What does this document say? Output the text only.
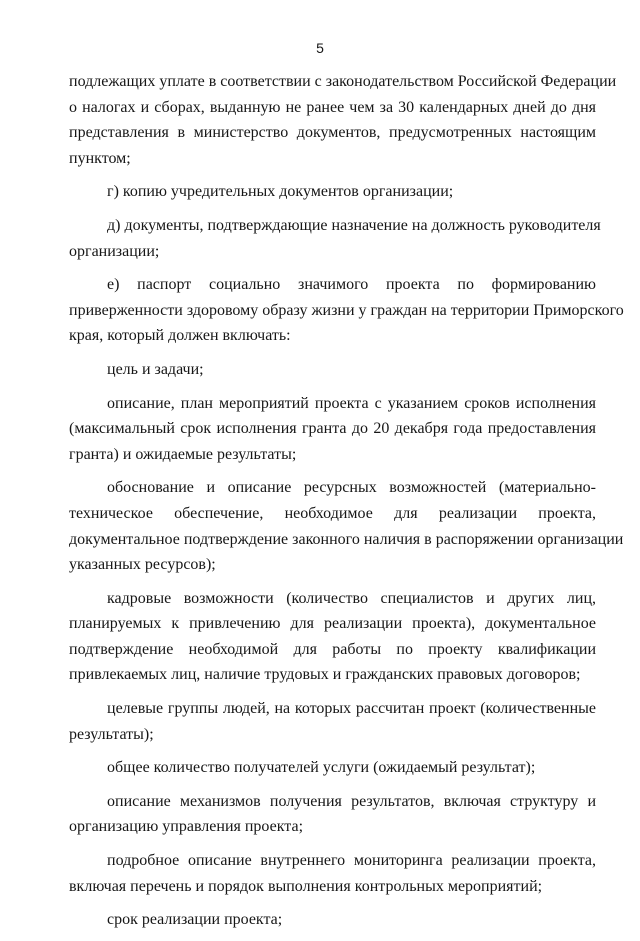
5
подлежащих уплате в соответствии с законодательством Российской Федерации
о налогах и сборах, выданную не ранее чем за 30 календарных дней до дня
представления в министерство документов, предусмотренных настоящим
пунктом;
г) копию учредительных документов организации;
д) документы, подтверждающие назначение на должность руководителя
организации;
е) паспорт социально значимого проекта по формированию
приверженности здоровому образу жизни у граждан на территории Приморского
края, который должен включать:
цель и задачи;
описание, план мероприятий проекта с указанием сроков исполнения
(максимальный срок исполнения гранта до 20 декабря года предоставления
гранта) и ожидаемые результаты;
обоснование и описание ресурсных возможностей (материально-
техническое обеспечение, необходимое для реализации проекта,
документальное подтверждение законного наличия в распоряжении организации
указанных ресурсов);
кадровые возможности (количество специалистов и других лиц,
планируемых к привлечению для реализации проекта), документальное
подтверждение необходимой для работы по проекту квалификации
привлекаемых лиц, наличие трудовых и гражданских правовых договоров;
целевые группы людей, на которых рассчитан проект (количественные
результаты);
общее количество получателей услуги (ожидаемый результат);
описание механизмов получения результатов, включая структуру и
организацию управления проекта;
подробное описание внутреннего мониторинга реализации проекта,
включая перечень и порядок выполнения контрольных мероприятий;
срок реализации проекта;
